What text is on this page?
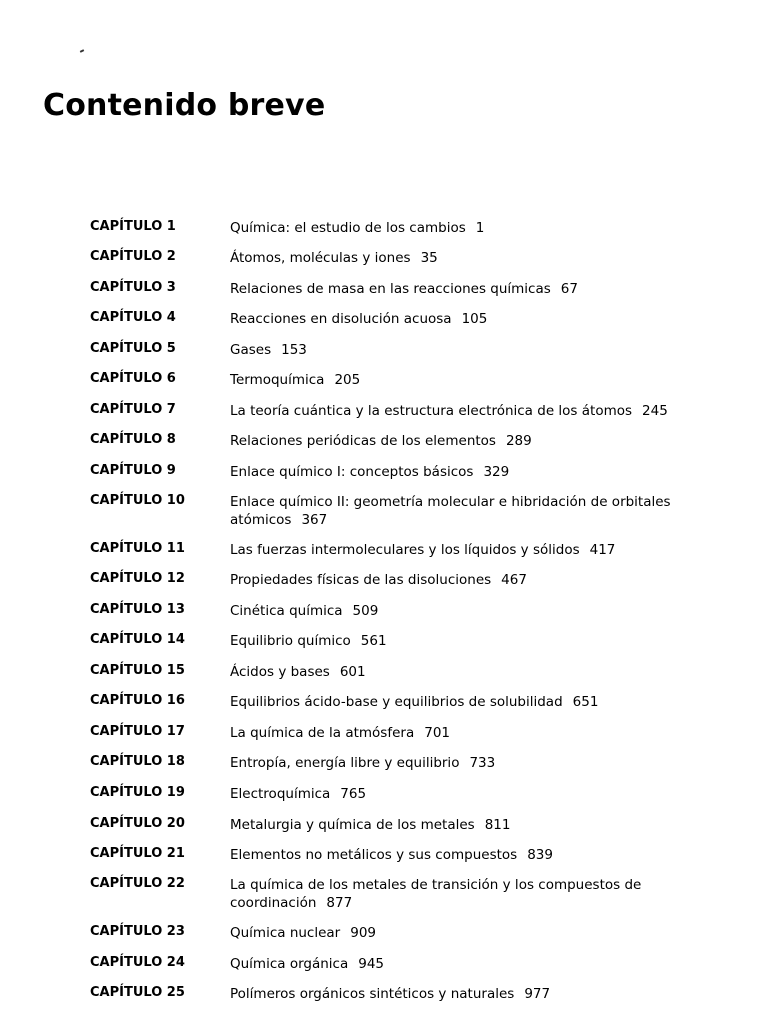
Contenido breve
CAPÍTULO 1	Química: el estudio de los cambios 1
CAPÍTULO 2	Átomos, moléculas y iones 35
CAPÍTULO 3	Relaciones de masa en las reacciones químicas 67
CAPÍTULO 4	Reacciones en disolución acuosa 105
CAPÍTULO 5	Gases 153
CAPÍTULO 6	Termoquímica 205
CAPÍTULO 7	La teoría cuántica y la estructura electrónica de los átomos 245
CAPÍTULO 8	Relaciones periódicas de los elementos 289
CAPÍTULO 9	Enlace químico I: conceptos básicos 329
CAPÍTULO 10	Enlace químico II: geometría molecular e hibridación de orbitales atómicos 367
CAPÍTULO 11	Las fuerzas intermoleculares y los líquidos y sólidos 417
CAPÍTULO 12	Propiedades físicas de las disoluciones 467
CAPÍTULO 13	Cinética química 509
CAPÍTULO 14	Equilibrio químico 561
CAPÍTULO 15	Ácidos y bases 601
CAPÍTULO 16	Equilibrios ácido-base y equilibrios de solubilidad 651
CAPÍTULO 17	La química de la atmósfera 701
CAPÍTULO 18	Entropía, energía libre y equilibrio 733
CAPÍTULO 19	Electroquímica 765
CAPÍTULO 20	Metalurgia y química de los metales 811
CAPÍTULO 21	Elementos no metálicos y sus compuestos 839
CAPÍTULO 22	La química de los metales de transición y los compuestos de coordinación 877
CAPÍTULO 23	Química nuclear 909
CAPÍTULO 24	Química orgánica 945
CAPÍTULO 25	Polímeros orgánicos sintéticos y naturales 977
